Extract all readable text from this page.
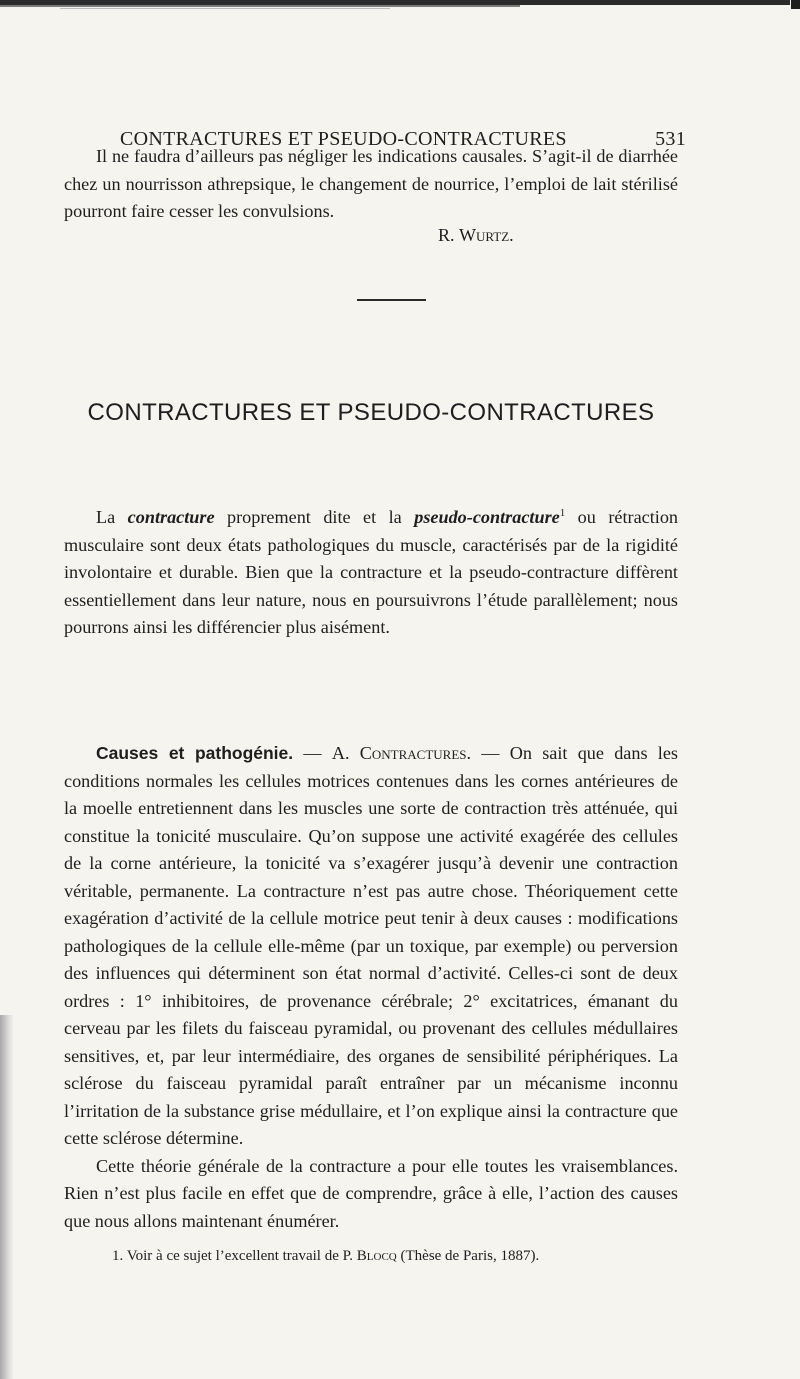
CONTRACTURES ET PSEUDO-CONTRACTURES	531

Il ne faudra d’ailleurs pas négliger les indications causales. S’agit-il de diarrhée chez un nourrisson athrepsique, le changement de nourrice, l’emploi de lait stérilisé pourront faire cesser les convulsions.

R. Wurtz.

CONTRACTURES ET PSEUDO-CONTRACTURES

La contracture proprement dite et la pseudo-contracture$^1$ ou rétraction musculaire sont deux états pathologiques du muscle, caractérisés par de la rigidité involontaire et durable. Bien que la contracture et la pseudo-contracture diffèrent essentiellement dans leur nature, nous en poursuivrons l’étude parallèlement; nous pourrons ainsi les différencier plus aisément.

Causes et pathogénie. — A. Contractures. — On sait que dans les conditions normales les cellules motrices contenues dans les cornes antérieures de la moelle entretiennent dans les muscles une sorte de contraction très atténuée, qui constitue la tonicité musculaire. Qu’on suppose une activité exagérée des cellules de la corne antérieure, la tonicité va s’exagérer jusqu’à devenir une contraction véritable, permanente. La contracture n’est pas autre chose. Théoriquement cette exagération d’activité de la cellule motrice peut tenir à deux causes : modifications pathologiques de la cellule elle-même (par un toxique, par exemple) ou perversion des influences qui déterminent son état normal d’activité. Celles-ci sont de deux ordres : 1° inhibitoires, de provenance cérébrale; 2° excitatrices, émanant du cerveau par les filets du faisceau pyramidal, ou provenant des cellules médullaires sensitives, et, par leur intermédiaire, des organes de sensibilité périphériques. La sclérose du faisceau pyramidal paraît entraîner par un mécanisme inconnu l’irritation de la substance grise médullaire, et l’on explique ainsi la contracture que cette sclérose détermine.

Cette théorie générale de la contracture a pour elle toutes les vraisemblances. Rien n’est plus facile en effet que de comprendre, grâce à elle, l’action des causes que nous allons maintenant énumérer.

1. Voir à ce sujet l’excellent travail de P. Blocq (Thèse de Paris, 1887).
